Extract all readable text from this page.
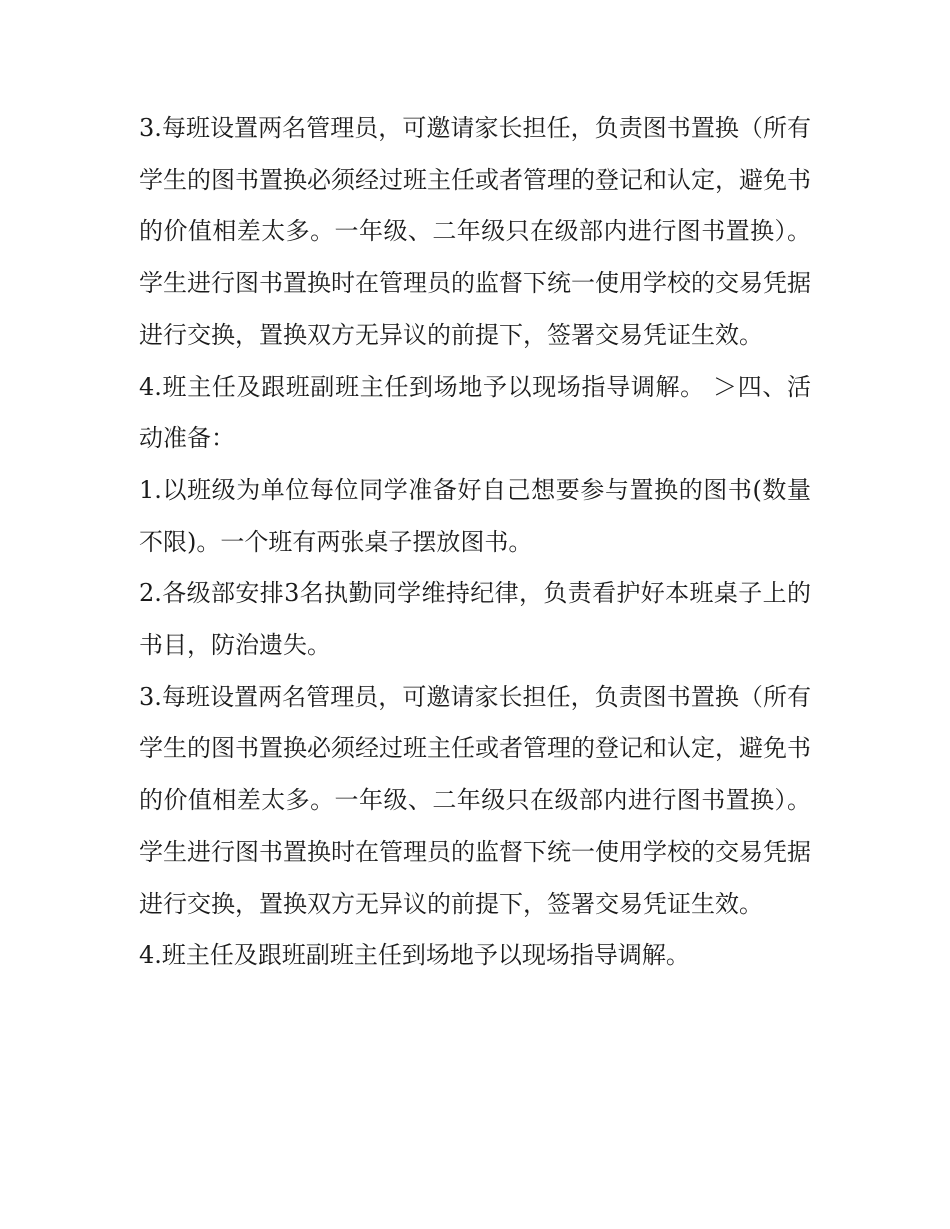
3.每班设置两名管理员，可邀请家长担任，负责图书置换（所有学生的图书置换必须经过班主任或者管理的登记和认定，避免书的价值相差太多。一年级、二年级只在级部内进行图书置换）。学生进行图书置换时在管理员的监督下统一使用学校的交易凭据进行交换，置换双方无异议的前提下，签署交易凭证生效。

4.班主任及跟班副班主任到场地予以现场指导调解。 ＞四、活动准备：

1.以班级为单位每位同学准备好自己想要参与置换的图书(数量不限)。一个班有两张桌子摆放图书。

2.各级部安排3名执勤同学维持纪律，负责看护好本班桌子上的书目，防治遗失。

3.每班设置两名管理员，可邀请家长担任，负责图书置换（所有学生的图书置换必须经过班主任或者管理的登记和认定，避免书的价值相差太多。一年级、二年级只在级部内进行图书置换）。学生进行图书置换时在管理员的监督下统一使用学校的交易凭据进行交换，置换双方无异议的前提下，签署交易凭证生效。

4.班主任及跟班副班主任到场地予以现场指导调解。
